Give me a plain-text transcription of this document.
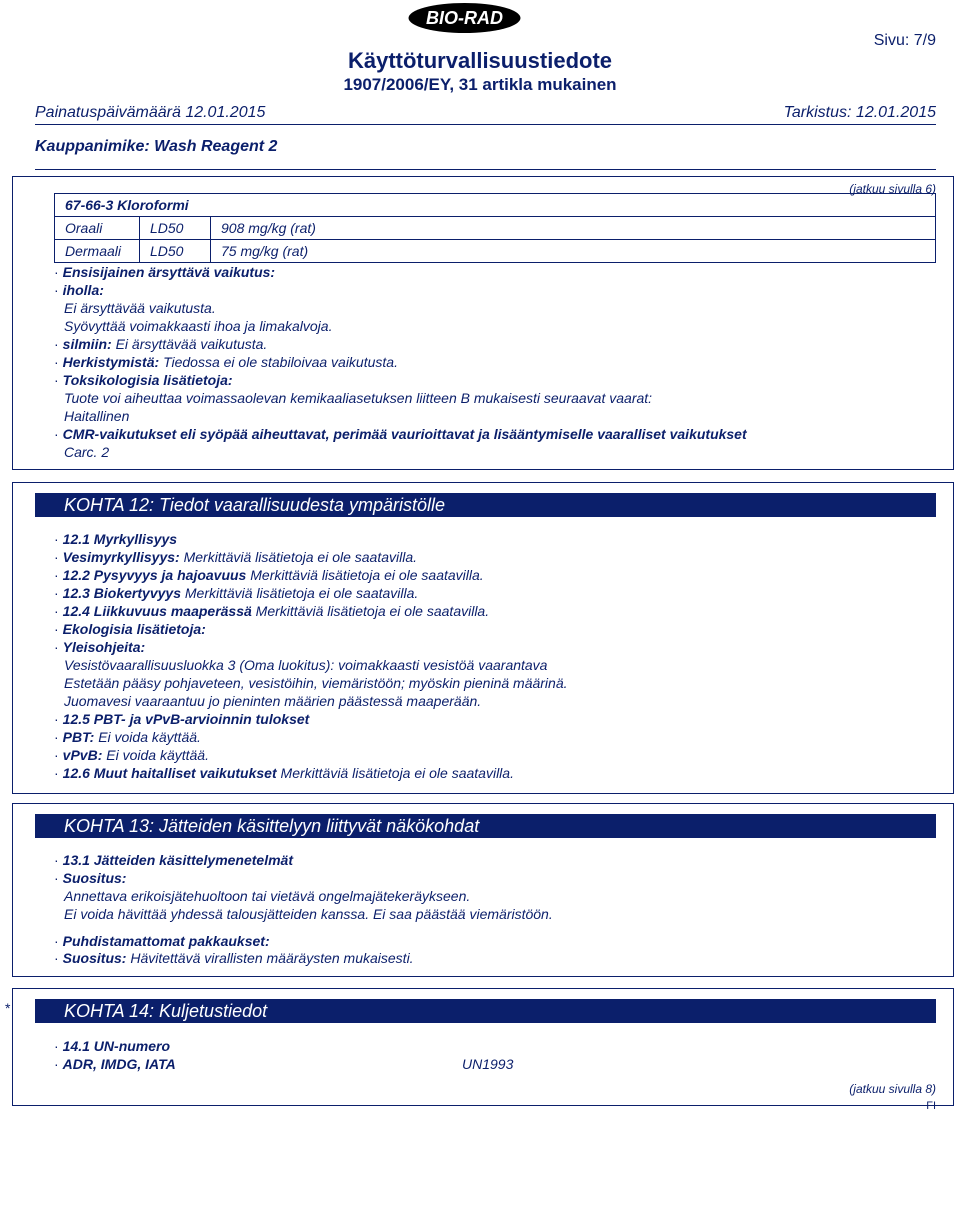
BIO-RAD
Sivu: 7/9
Käyttöturvallisuustiedote
1907/2006/EY, 31 artikla mukainen
Painatuspäivämäärä 12.01.2015	Tarkistus: 12.01.2015
Kauppanimike: Wash Reagent 2
(jatkuu sivulla 6)
67-66-3 Kloroformi		
Oraali	LD50	908 mg/kg (rat)
Dermaali	LD50	75 mg/kg (rat)
· Ensisijainen ärsyttävä vaikutus:
· iholla:
Ei ärsyttävää vaikutusta.
Syövyttää voimakkaasti ihoa ja limakalvoja.
· silmiin: Ei ärsyttävää vaikutusta.
· Herkistymistä: Tiedossa ei ole stabiloivaa vaikutusta.
· Toksikologisia lisätietoja:
Tuote voi aiheuttaa voimassaolevan kemikaaliasetuksen liitteen B mukaisesti seuraavat vaarat:
Haitallinen
· CMR-vaikutukset eli syöpää aiheuttavat, perimää vaurioittavat ja lisääntymiselle vaaralliset vaikutukset
Carc. 2
KOHTA 12: Tiedot vaarallisuudesta ympäristölle
· 12.1 Myrkyllisyys
· Vesimyrkyllisyys: Merkittäviä lisätietoja ei ole saatavilla.
· 12.2 Pysyvyys ja hajoavuus Merkittäviä lisätietoja ei ole saatavilla.
· 12.3 Biokertyvyys Merkittäviä lisätietoja ei ole saatavilla.
· 12.4 Liikkuvuus maaperässä Merkittäviä lisätietoja ei ole saatavilla.
· Ekologisia lisätietoja:
· Yleisohjeita:
Vesistövaarallisuusluokka 3 (Oma luokitus): voimakkaasti vesistöä vaarantava
Estetään pääsy pohjaveteen, vesistöihin, viemäristöön; myöskin pieninä määrinä.
Juomavesi vaaraantuu jo pieninten määrien päästessä maaperään.
· 12.5 PBT- ja vPvB-arvioinnin tulokset
· PBT: Ei voida käyttää.
· vPvB: Ei voida käyttää.
· 12.6 Muut haitalliset vaikutukset Merkittäviä lisätietoja ei ole saatavilla.
KOHTA 13: Jätteiden käsittelyyn liittyvät näkökohdat
· 13.1 Jätteiden käsittelymenetelmät
· Suositus:
Annettava erikoisjätehuoltoon tai vietävä ongelmajätekeräykseen.
Ei voida hävittää yhdessä talousjätteiden kanssa. Ei saa päästää viemäristöön.
· Puhdistamattomat pakkaukset:
· Suositus: Hävitettävä virallisten määräysten mukaisesti.
*	KOHTA 14: Kuljetustiedot
· 14.1 UN-numero
· ADR, IMDG, IATA	UN1993
(jatkuu sivulla 8)
FI
